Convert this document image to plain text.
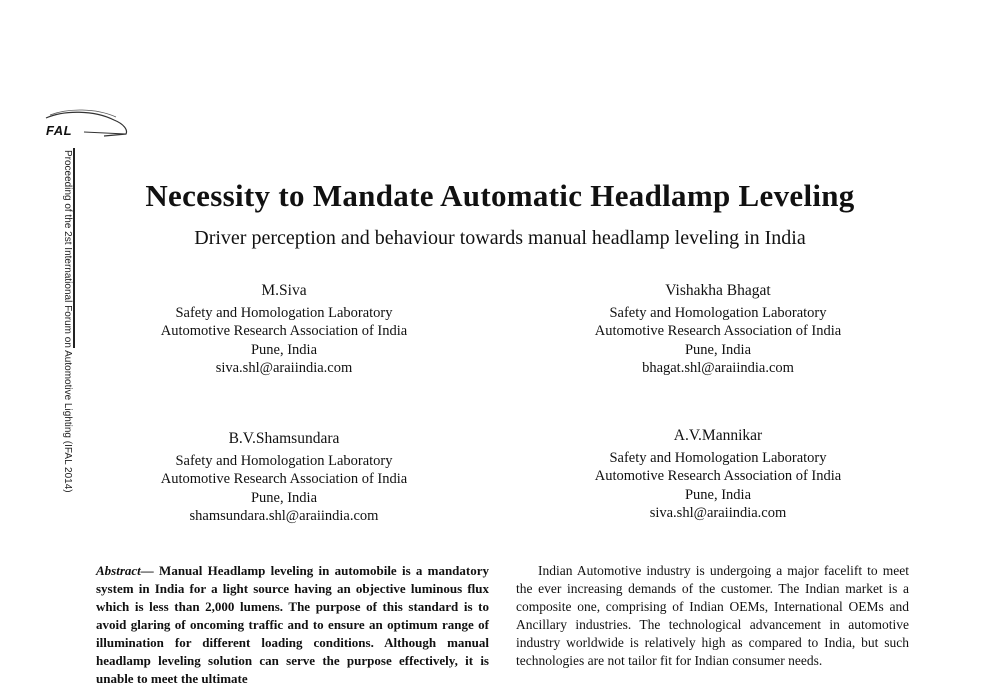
FAL
Proceeding of the 2st International Forum on Automotive Lighting (IFAL 2014)	Necessity to Mandate Automatic Headlamp Leveling
Driver perception and behaviour towards manual headlamp leveling in India
M.Siva
Safety and Homologation Laboratory
Automotive Research Association of India
Pune, India
siva.shl@araiindia.com
Vishakha Bhagat
Safety and Homologation Laboratory
Automotive Research Association of India
Pune, India
bhagat.shl@araiindia.com
B.V.Shamsundara
Safety and Homologation Laboratory
Automotive Research Association of India
Pune, India
shamsundara.shl@araiindia.com
A.V.Mannikar
Safety and Homologation Laboratory
Automotive Research Association of India
Pune, India
siva.shl@araiindia.com

Abstract— Manual Headlamp leveling in automobile is a mandatory system in India for a light source having an objective luminous flux which is less than 2,000 lumens. The purpose of this standard is to avoid glaring of oncoming traffic and to ensure an optimum range of illumination for different loading conditions. Although manual headlamp leveling solution can serve the purpose effectively, it is unable to meet the ultimate

Indian Automotive industry is undergoing a major facelift to meet the ever increasing demands of the customer. The Indian market is a composite one, comprising of Indian OEMs, International OEMs and Ancillary industries. The technological advancement in automotive industry worldwide is relatively high as compared to India, but such technologies are not tailor fit for Indian consumer needs.
